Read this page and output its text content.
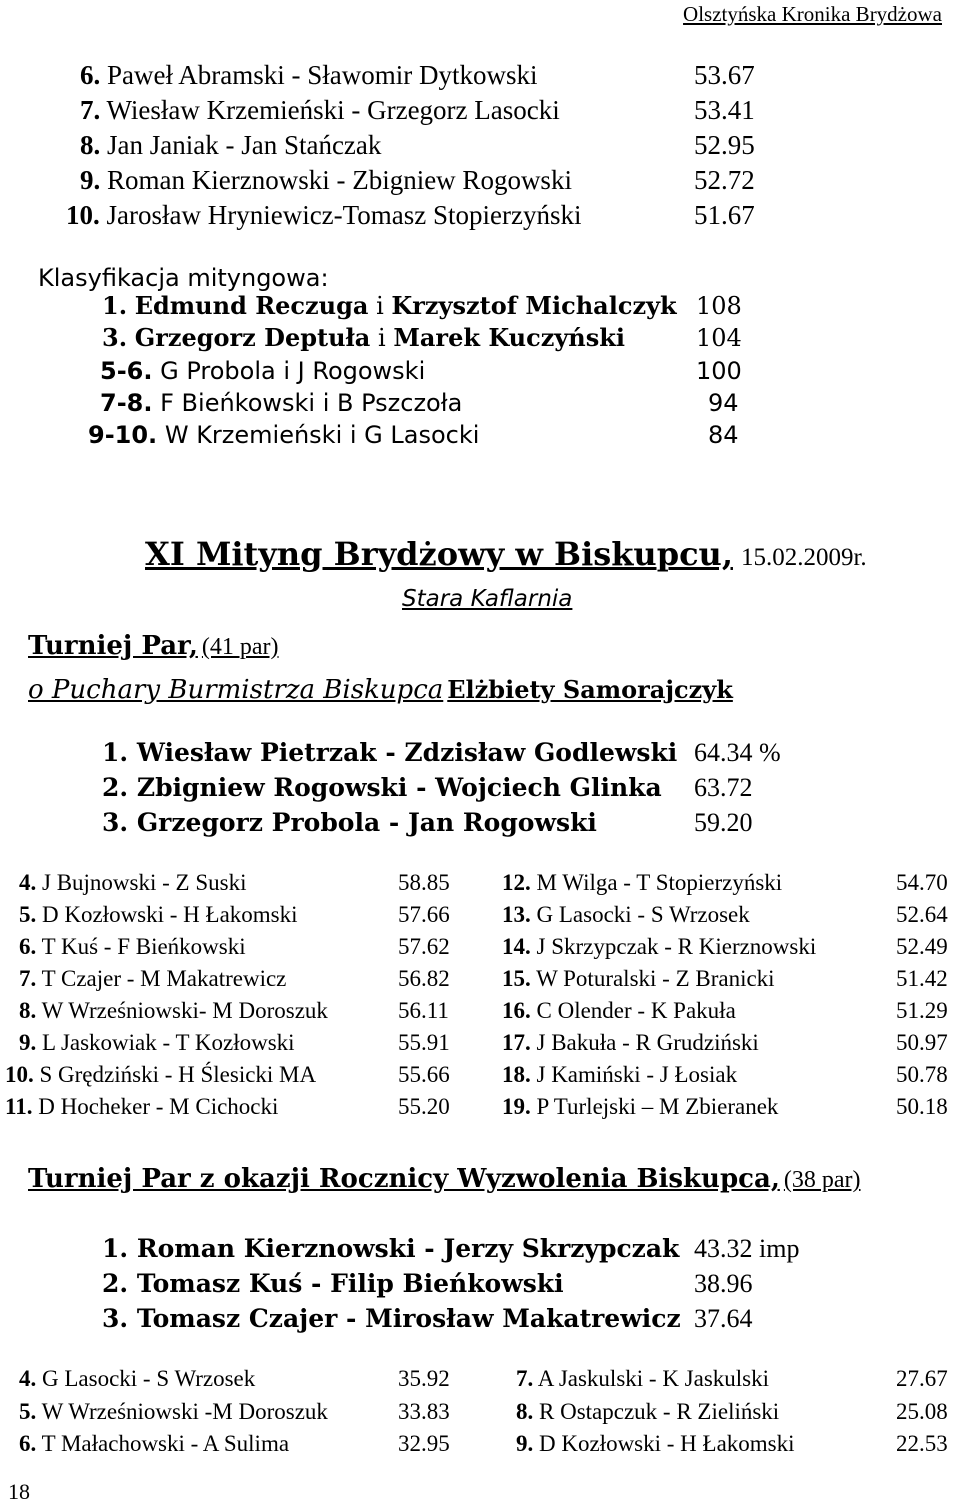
Olsztyńska Kronika Brydżowa
6. Paweł Abramski - Sławomir Dytkowski	53.67
7. Wiesław Krzemieński - Grzegorz Lasocki	53.41
8. Jan Janiak - Jan Stańczak	52.95
9. Roman Kierznowski - Zbigniew Rogowski	52.72
10. Jarosław Hryniewicz-Tomasz Stopierzyński	51.67
Klasyfikacja mityngowa:
1. Edmund Reczuga i Krzysztof Michalczyk 108
3. Grzegorz Deptuła i Marek Kuczyński	104
5-6. G Probola i J Rogowski	100
7-8. F Bieńkowski i B Pszczoła	94
9-10. W Krzemieński i G Lasocki	84
XI Mityng Brydżowy w Biskupcu, 15.02.2009r.
Stara Kaflarnia
Turniej Par, (41 par)
o Puchary Burmistrza Biskupca Elżbiety Samorajczyk
1. Wiesław Pietrzak - Zdzisław Godlewski 64.34 %
2. Zbigniew Rogowski - Wojciech Glinka 63.72
3. Grzegorz Probola - Jan Rogowski	59.20
4. J Bujnowski - Z Suski	58.85
5. D Kozłowski - H Łakomski	57.66
6. T Kuś - F Bieńkowski	57.62
7. T Czajer - M Makatrewicz	56.82
8. W Wrześniowski- M Doroszuk	56.11
9. L Jaskowiak - T Kozłowski	55.91
10. S Grędziński - H Ślesicki MA	55.66
11. D Hocheker - M Cichocki	55.20
12. M Wilga - T Stopierzyński	54.70
13. G Lasocki - S Wrzosek	52.64
14. J Skrzypczak - R Kierznowski	52.49
15. W Poturalski - Z Branicki	51.42
16. C Olender - K Pakuła	51.29
17. J Bakuła - R Grudziński	50.97
18. J Kamiński - J Łosiak	50.78
19. P Turlejski – M Zbieranek	50.18
Turniej Par z okazji Rocznicy Wyzwolenia Biskupca, (38 par)
1. Roman Kierznowski - Jerzy Skrzypczak 43.32 imp
2. Tomasz Kuś - Filip Bieńkowski	38.96
3. Tomasz Czajer - Mirosław Makatrewicz 37.64
4. G Lasocki - S Wrzosek	35.92
5. W Wrześniowski -M Doroszuk	33.83
6. T Małachowski - A Sulima	32.95
7. A Jaskulski - K Jaskulski	27.67
8. R Ostapczuk - R Zieliński	25.08
9. D Kozłowski - H Łakomski	22.53
18
